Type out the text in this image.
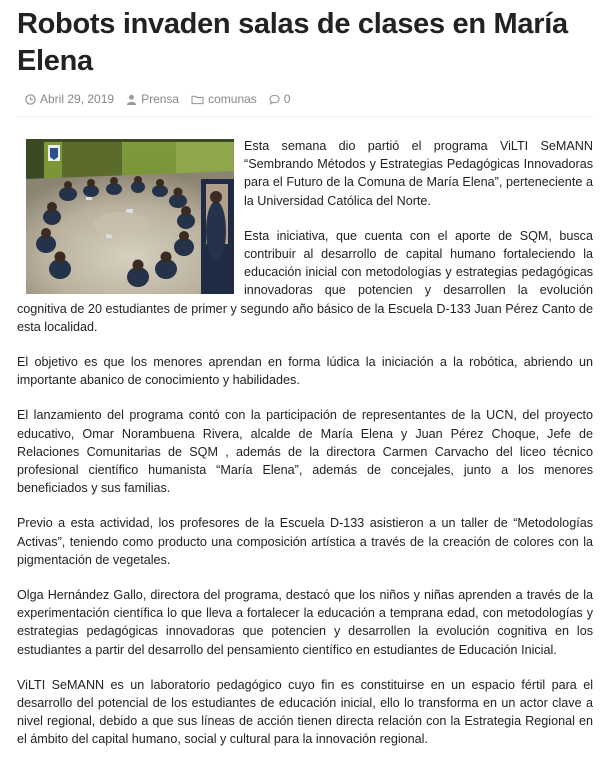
Robots invaden salas de clases en María Elena
Abril 29, 2019 Prensa comunas 0

Esta semana dio partió el programa ViLTI SeMANN “Sembrando Métodos y Estrategias Pedagógicas Innovadoras para el Futuro de la Comuna de María Elena”, perteneciente a la Universidad Católica del Norte.

Esta iniciativa, que cuenta con el aporte de SQM, busca contribuir al desarrollo de capital humano fortaleciendo la educación inicial con metodologías y estrategias pedagógicas innovadoras que potencien y desarrollen la evolución cognitiva de 20 estudiantes de primer y segundo año básico de la Escuela D-133 Juan Pérez Canto de esta localidad.

El objetivo es que los menores aprendan en forma lúdica la iniciación a la robótica, abriendo un importante abanico de conocimiento y habilidades.

El lanzamiento del programa contó con la participación de representantes de la UCN, del proyecto educativo, Omar Norambuena Rivera, alcalde de María Elena y Juan Pérez Choque, Jefe de Relaciones Comunitarias de SQM , además de la directora Carmen Carvacho del liceo técnico profesional científico humanista “María Elena”, además de concejales, junto a los menores beneficiados y sus familias.

Previo a esta actividad, los profesores de la Escuela D-133 asistieron a un taller de “Metodologías Activas”, teniendo como producto una composición artística a través de la creación de colores con la pigmentación de vegetales.

Olga Hernández Gallo, directora del programa, destacó que los niños y niñas aprenden a través de la experimentación científica lo que lleva a fortalecer la educación a temprana edad, con metodologías y estrategias pedagógicas innovadoras que potencien y desarrollen la evolución cognitiva en los estudiantes a partir del desarrollo del pensamiento científico en estudiantes de Educación Inicial.

ViLTI SeMANN es un laboratorio pedagógico cuyo fin es constituirse en un espacio fértil para el desarrollo del potencial de los estudiantes de educación inicial, ello lo transforma en un actor clave a nivel regional, debido a que sus líneas de acción tienen directa relación con la Estrategia Regional en el ámbito del capital humano, social y cultural para la innovación regional.
